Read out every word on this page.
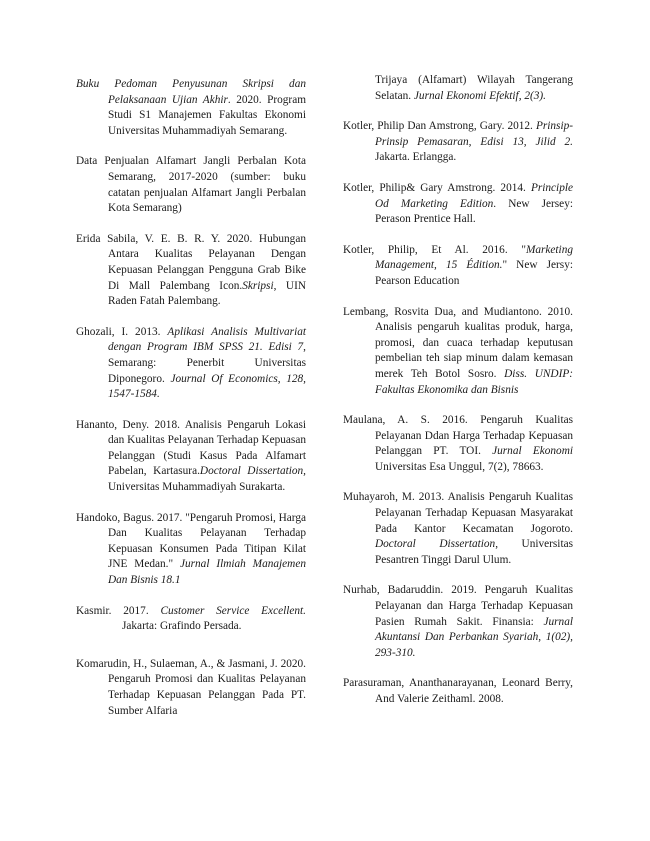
Buku Pedoman Penyusunan Skripsi dan Pelaksanaan Ujian Akhir. 2020. Program Studi S1 Manajemen Fakultas Ekonomi Universitas Muhammadiyah Semarang.

Data Penjualan Alfamart Jangli Perbalan Kota Semarang, 2017-2020 (sumber: buku catatan penjualan Alfamart Jangli Perbalan Kota Semarang)

Erida Sabila, V. E. B. R. Y. 2020. Hubungan Antara Kualitas Pelayanan Dengan Kepuasan Pelanggan Pengguna Grab Bike Di Mall Palembang Icon.Skripsi, UIN Raden Fatah Palembang.

Ghozali, I. 2013. Aplikasi Analisis Multivariat dengan Program IBM SPSS 21. Edisi 7, Semarang: Penerbit Universitas Diponegoro. Journal Of Economics, 128, 1547-1584.

Hananto, Deny. 2018. Analisis Pengaruh Lokasi dan Kualitas Pelayanan Terhadap Kepuasan Pelanggan (Studi Kasus Pada Alfamart Pabelan, Kartasura.Doctoral Dissertation, Universitas Muhammadiyah Surakarta.

Handoko, Bagus. 2017. "Pengaruh Promosi, Harga Dan Kualitas Pelayanan Terhadap Kepuasan Konsumen Pada Titipan Kilat JNE Medan." Jurnal Ilmiah Manajemen Dan Bisnis 18.1

Kasmir. 2017. Customer Service Excellent. Jakarta: Grafindo Persada.

Komarudin, H., Sulaeman, A., & Jasmani, J. 2020. Pengaruh Promosi dan Kualitas Pelayanan Terhadap Kepuasan Pelanggan Pada PT. Sumber Alfaria

Trijaya (Alfamart) Wilayah Tangerang Selatan. Jurnal Ekonomi Efektif, 2(3).

Kotler, Philip Dan Amstrong, Gary. 2012. Prinsip-Prinsip Pemasaran, Edisi 13, Jilid 2. Jakarta. Erlangga.

Kotler, Philip& Gary Amstrong. 2014. Principle Od Marketing Edition. New Jersey: Perason Prentice Hall.

Kotler, Philip, Et Al. 2016. "Marketing Management, 15 Édition." New Jersy: Pearson Education

Lembang, Rosvita Dua, and Mudiantono. 2010. Analisis pengaruh kualitas produk, harga, promosi, dan cuaca terhadap keputusan pembelian teh siap minum dalam kemasan merek Teh Botol Sosro. Diss. UNDIP: Fakultas Ekonomika dan Bisnis

Maulana, A. S. 2016. Pengaruh Kualitas Pelayanan Ddan Harga Terhadap Kepuasan Pelanggan PT. TOI. Jurnal Ekonomi Universitas Esa Unggul, 7(2), 78663.

Muhayaroh, M. 2013. Analisis Pengaruh Kualitas Pelayanan Terhadap Kepuasan Masyarakat Pada Kantor Kecamatan Jogoroto. Doctoral Dissertation, Universitas Pesantren Tinggi Darul Ulum.

Nurhab, Badaruddin. 2019. Pengaruh Kualitas Pelayanan dan Harga Terhadap Kepuasan Pasien Rumah Sakit. Finansia: Jurnal Akuntansi Dan Perbankan Syariah, 1(02), 293-310.

Parasuraman, Ananthanarayanan, Leonard Berry, And Valerie Zeithaml. 2008.
